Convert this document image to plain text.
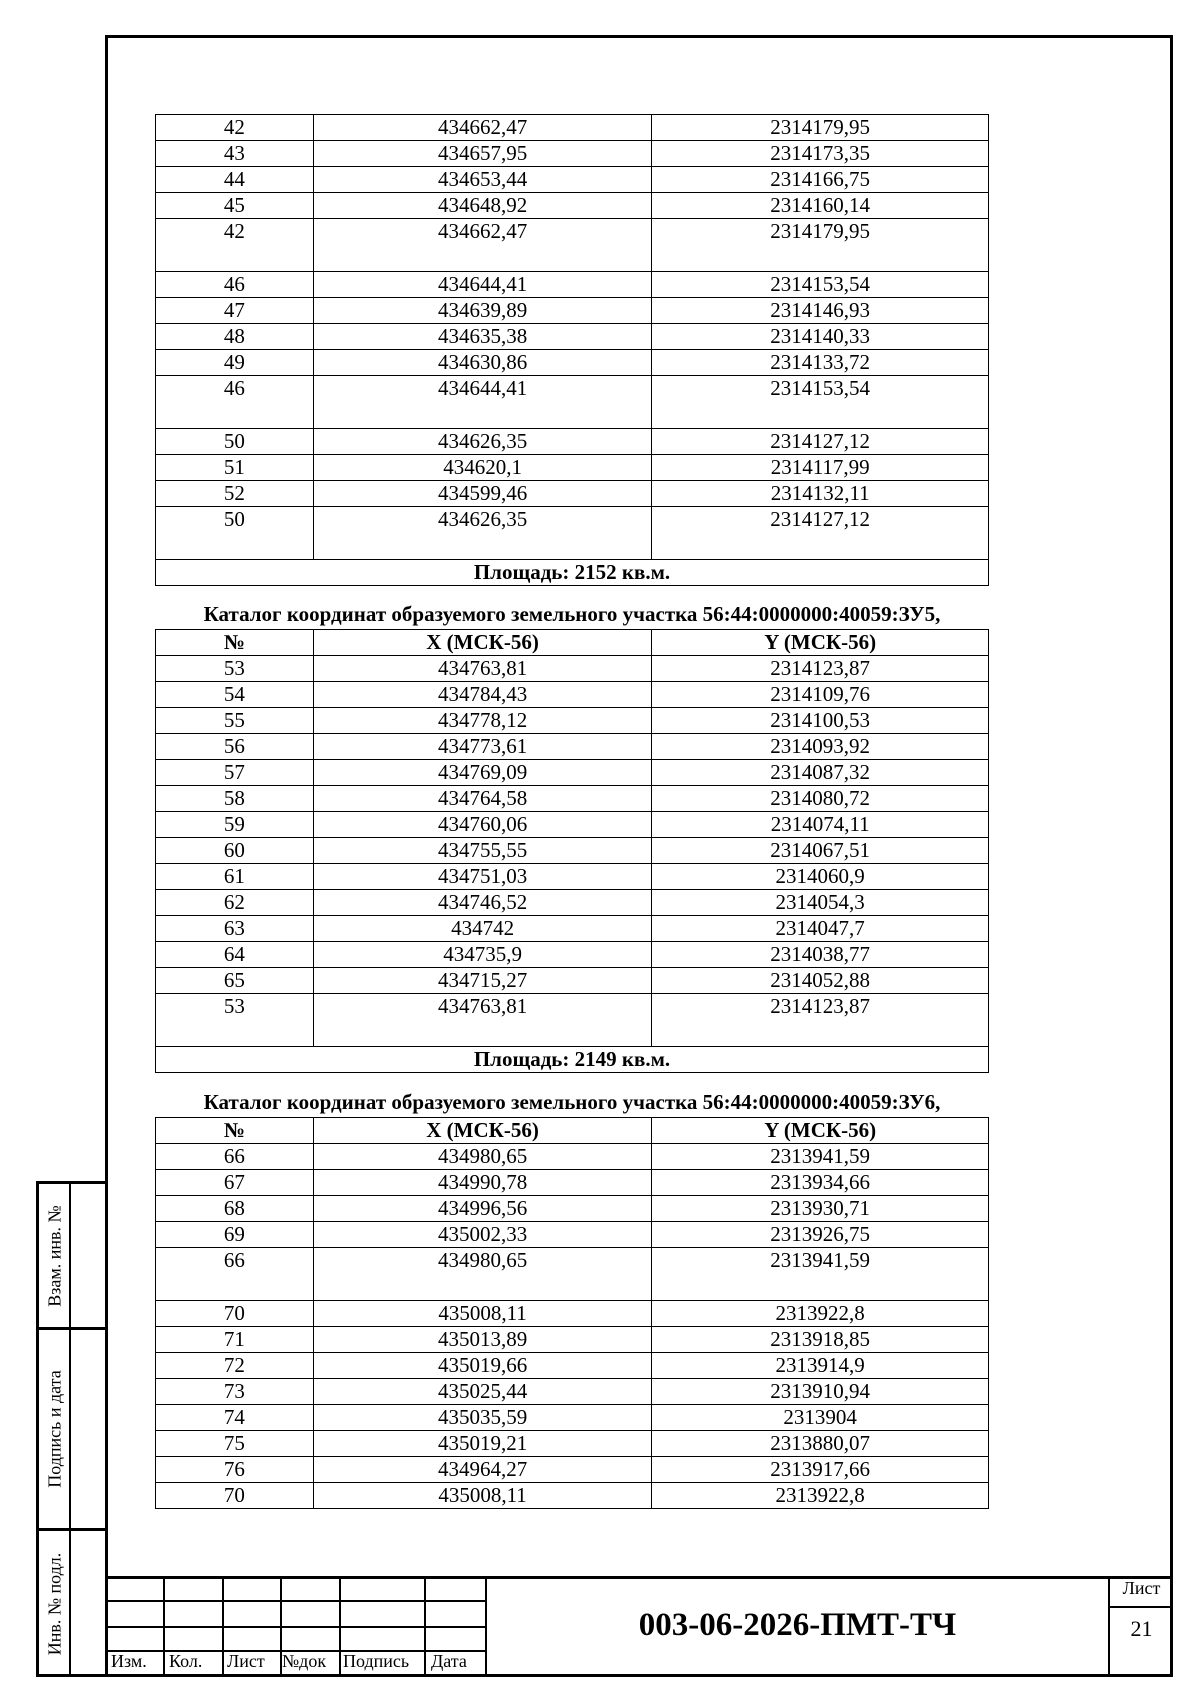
Взам. инв. №
Подпись и дата
Инв. № подл.
42	434662,47	2314179,95
43	434657,95	2314173,35
44	434653,44	2314166,75
45	434648,92	2314160,14
42	434662,47	2314179,95
46	434644,41	2314153,54
47	434639,89	2314146,93
48	434635,38	2314140,33
49	434630,86	2314133,72
46	434644,41	2314153,54
50	434626,35	2314127,12
51	434620,1	2314117,99
52	434599,46	2314132,11
50	434626,35	2314127,12
Площадь: 2152 кв.м.		
Каталог координат образуемого земельного участка 56:44:0000000:40059:ЗУ5,
№	X (МСК-56)	Y (МСК-56)
53	434763,81	2314123,87
54	434784,43	2314109,76
55	434778,12	2314100,53
56	434773,61	2314093,92
57	434769,09	2314087,32
58	434764,58	2314080,72
59	434760,06	2314074,11
60	434755,55	2314067,51
61	434751,03	2314060,9
62	434746,52	2314054,3
63	434742	2314047,7
64	434735,9	2314038,77
65	434715,27	2314052,88
53	434763,81	2314123,87
Площадь: 2149 кв.м.		
Каталог координат образуемого земельного участка 56:44:0000000:40059:ЗУ6,
№	X (МСК-56)	Y (МСК-56)
66	434980,65	2313941,59
67	434990,78	2313934,66
68	434996,56	2313930,71
69	435002,33	2313926,75
66	434980,65	2313941,59
70	435008,11	2313922,8
71	435013,89	2313918,85
72	435019,66	2313914,9
73	435025,44	2313910,94
74	435035,59	2313904
75	435019,21	2313880,07
76	434964,27	2313917,66
70	435008,11	2313922,8
Изм. Кол. Лист №док Подпись Дата
003-06-2026-ПМТ-ТЧ
Лист
21
